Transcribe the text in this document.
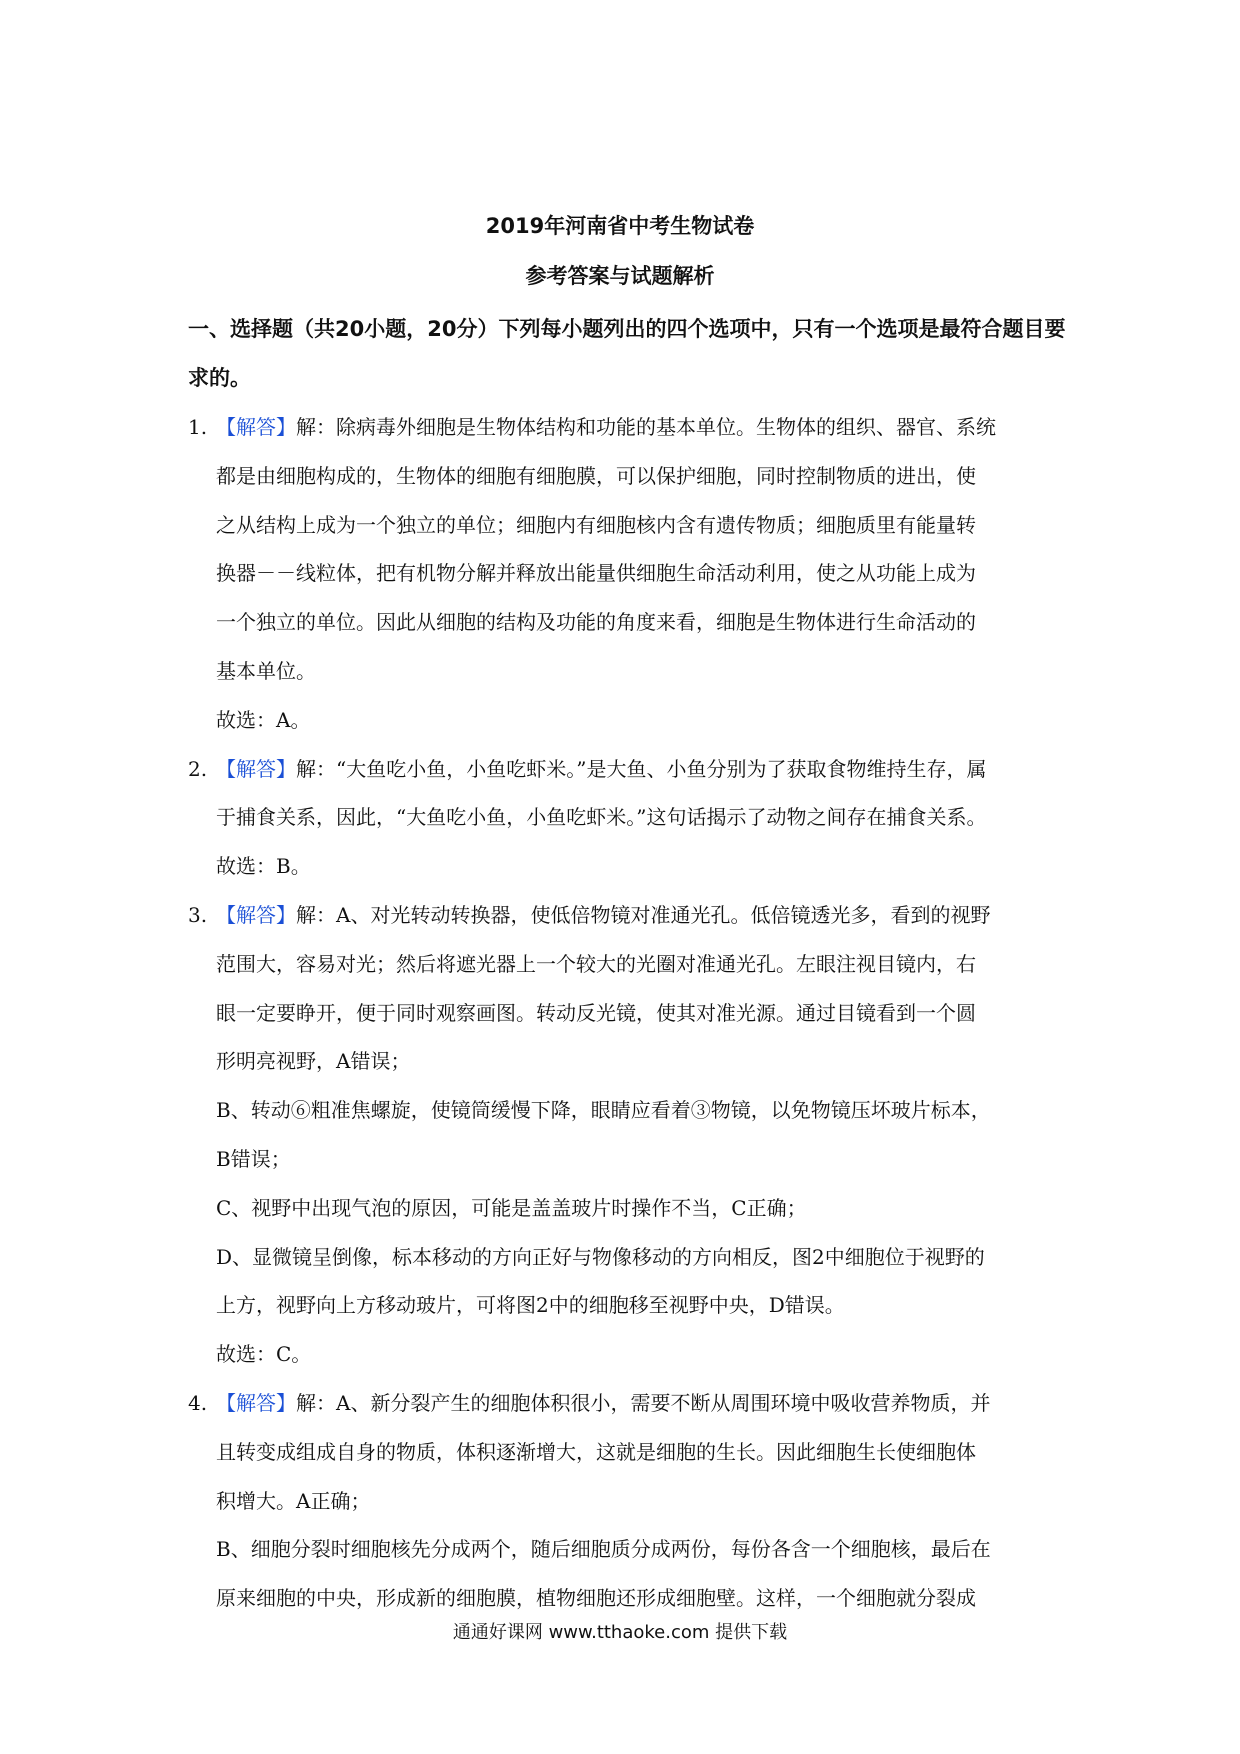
2019年河南省中考生物试卷
参考答案与试题解析
一、选择题（共20小题，20分）下列每小题列出的四个选项中，只有一个选项是最符合题目要求的。
1. 【解答】解：除病毒外细胞是生物体结构和功能的基本单位。生物体的组织、器官、系统
都是由细胞构成的，生物体的细胞有细胞膜，可以保护细胞，同时控制物质的进出，使
之从结构上成为一个独立的单位；细胞内有细胞核内含有遗传物质；细胞质里有能量转
换器－－线粒体，把有机物分解并释放出能量供细胞生命活动利用，使之从功能上成为
一个独立的单位。因此从细胞的结构及功能的角度来看，细胞是生物体进行生命活动的
基本单位。
故选：A。
2. 【解答】解：“大鱼吃小鱼，小鱼吃虾米。”是大鱼、小鱼分别为了获取食物维持生存，属
于捕食关系，因此，“大鱼吃小鱼，小鱼吃虾米。”这句话揭示了动物之间存在捕食关系。
故选：B。
3. 【解答】解：A、对光转动转换器，使低倍物镜对准通光孔。低倍镜透光多，看到的视野
范围大，容易对光；然后将遮光器上一个较大的光圈对准通光孔。左眼注视目镜内，右
眼一定要睁开，便于同时观察画图。转动反光镜，使其对准光源。通过目镜看到一个圆
形明亮视野，A错误；
B、转动⑥粗准焦螺旋，使镜筒缓慢下降，眼睛应看着③物镜，以免物镜压坏玻片标本，
B错误；
C、视野中出现气泡的原因，可能是盖盖玻片时操作不当，C正确；
D、显微镜呈倒像，标本移动的方向正好与物像移动的方向相反，图2中细胞位于视野的
上方，视野向上方移动玻片，可将图2中的细胞移至视野中央，D错误。
故选：C。
4. 【解答】解：A、新分裂产生的细胞体积很小，需要不断从周围环境中吸收营养物质，并
且转变成组成自身的物质，体积逐渐增大，这就是细胞的生长。因此细胞生长使细胞体
积增大。A正确；
B、细胞分裂时细胞核先分成两个，随后细胞质分成两份，每份各含一个细胞核，最后在
原来细胞的中央，形成新的细胞膜，植物细胞还形成细胞壁。这样，一个细胞就分裂成
通通好课网 www.tthaoke.com 提供下载
